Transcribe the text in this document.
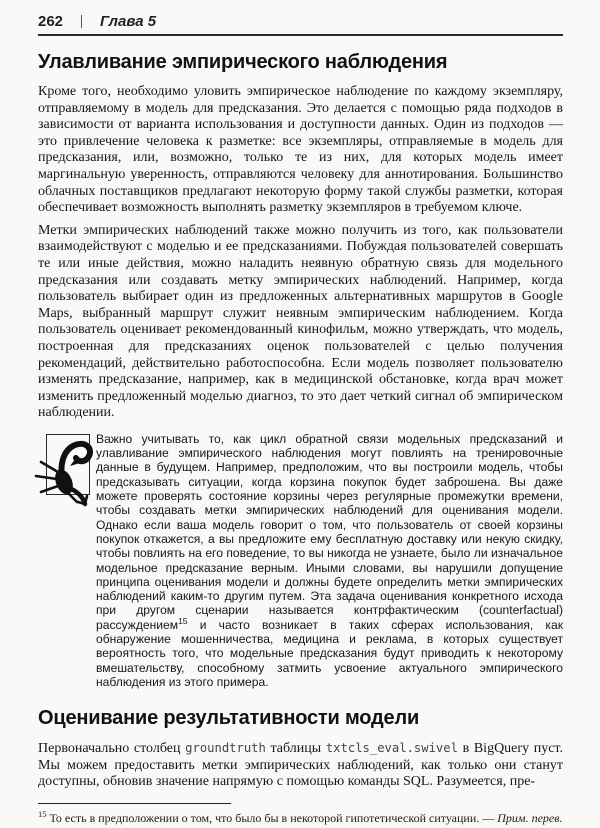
262 Глава 5
Улавливание эмпирического наблюдения

Кроме того, необходимо уловить эмпирическое наблюдение по каждому экземпляру, отправляемому в модель для предсказания. Это делается с помощью ряда подходов в зависимости от варианта использования и доступности данных. Один из подходов — это привлечение человека к разметке: все экземпляры, отправляемые в модель для предсказания, или, возможно, только те из них, для которых модель имеет маргинальную уверенность, отправляются человеку для аннотирования. Большинство облачных поставщиков предлагают некоторую форму такой службы разметки, которая обеспечивает возможность выполнять разметку экземпляров в требуемом ключе.

Метки эмпирических наблюдений также можно получить из того, как пользователи взаимодействуют с моделью и ее предсказаниями. Побуждая пользователей совершать те или иные действия, можно наладить неявную обратную связь для модельного предсказания или создавать метку эмпирических наблюдений. Например, когда пользователь выбирает один из предложенных альтернативных маршрутов в Google Maps, выбранный маршрут служит неявным эмпирическим наблюдением. Когда пользователь оценивает рекомендованный кинофильм, можно утверждать, что модель, построенная для предсказаниях оценок пользователей с целью получения рекомендаций, действительно работоспособна. Если модель позволяет пользователю изменять предсказание, например, как в медицинской обстановке, когда врач может изменить предложенный моделью диагноз, то это дает четкий сигнал об эмпирическом наблюдении.

Важно учитывать то, как цикл обратной связи модельных предсказаний и улавливание эмпирического наблюдения могут повлиять на тренировочные данные в будущем. Например, предположим, что вы построили модель, чтобы предсказывать ситуации, когда корзина покупок будет заброшена. Вы даже можете проверять состояние корзины через регулярные промежутки времени, чтобы создавать метки эмпирических наблюдений для оценивания модели. Однако если ваша модель говорит о том, что пользователь от своей корзины покупок откажется, а вы предложите ему бесплатную доставку или некую скидку, чтобы повлиять на его поведение, то вы никогда не узнаете, было ли изначальное модельное предсказание верным. Иными словами, вы нарушили допущение принципа оценивания модели и должны будете определить метки эмпирических наблюдений каким-то другим путем. Эта задача оценивания конкретного исхода при другом сценарии называется контрфактическим (counterfactual) рассуждением$^{15}$ и часто возникает в таких сферах использования, как обнаружение мошенничества, медицина и реклама, в которых существует вероятность того, что модельные предсказания будут приводить к некоторому вмешательству, способному затмить усвоение актуального эмпирического наблюдения из этого примера.
Оценивание результативности модели

Первоначально столбец groundtruth таблицы txtcls_eval.swivel в BigQuery пуст. Мы можем предоставить метки эмпирических наблюдений, как только они станут доступны, обновив значение напрямую с помощью команды SQL. Разумеется, пре-

$^{15}$ То есть в предположении о том, что было бы в некоторой гипотетической ситуации. — Прим. перев.
